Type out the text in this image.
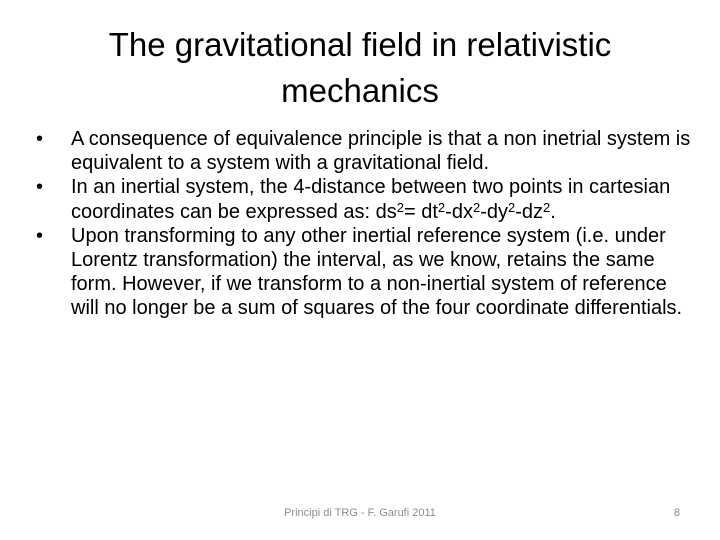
The gravitational field in relativistic
mechanics
•	A consequence of equivalence principle is that a non inetrial system is equivalent to a system with a gravitational field.
•	In an inertial system, the 4-distance between two points in cartesian coordinates can be expressed as: $ds^2= dt^2-dx^2-dy^2-dz^2$.
•	Upon transforming to any other inertial reference system (i.e. under Lorentz transformation) the interval, as we know, retains the same form. However, if we transform to a non-inertial system of reference will no longer be a sum of squares of the four coordinate differentials.
Principi di TRG - F. Garufi 2011	8
